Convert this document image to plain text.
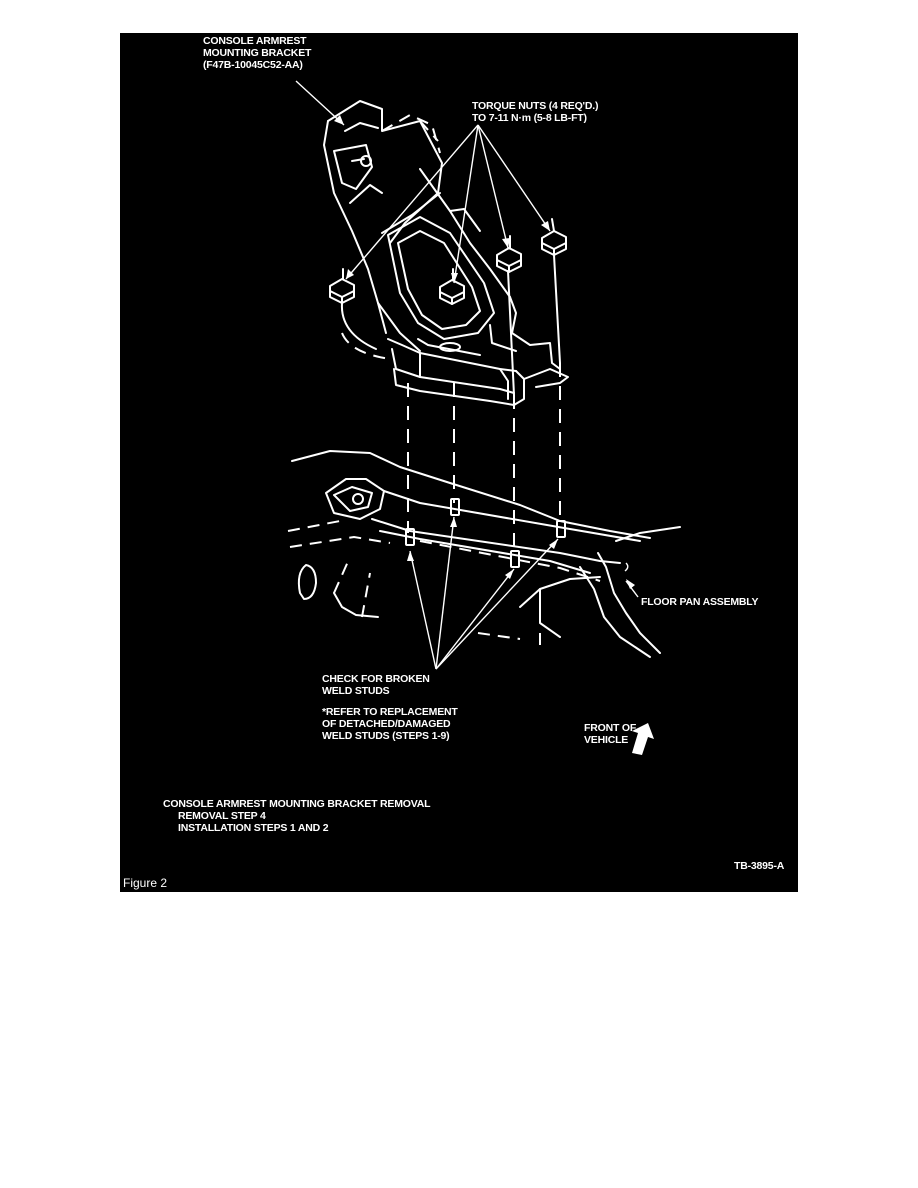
CONSOLE ARMREST
MOUNTING BRACKET
(F47B-10045C52-AA)
TORQUE NUTS (4 REQ'D.)
TO 7-11 N·m (5-8 LB-FT)
FLOOR PAN ASSEMBLY
CHECK FOR BROKEN
WELD STUDS
*REFER TO REPLACEMENT
OF DETACHED/DAMAGED
WELD STUDS (STEPS 1-9)
FRONT OF
VEHICLE
CONSOLE ARMREST MOUNTING BRACKET REMOVAL
REMOVAL STEP 4
INSTALLATION STEPS 1 AND 2
TB-3895-A
Figure 2
